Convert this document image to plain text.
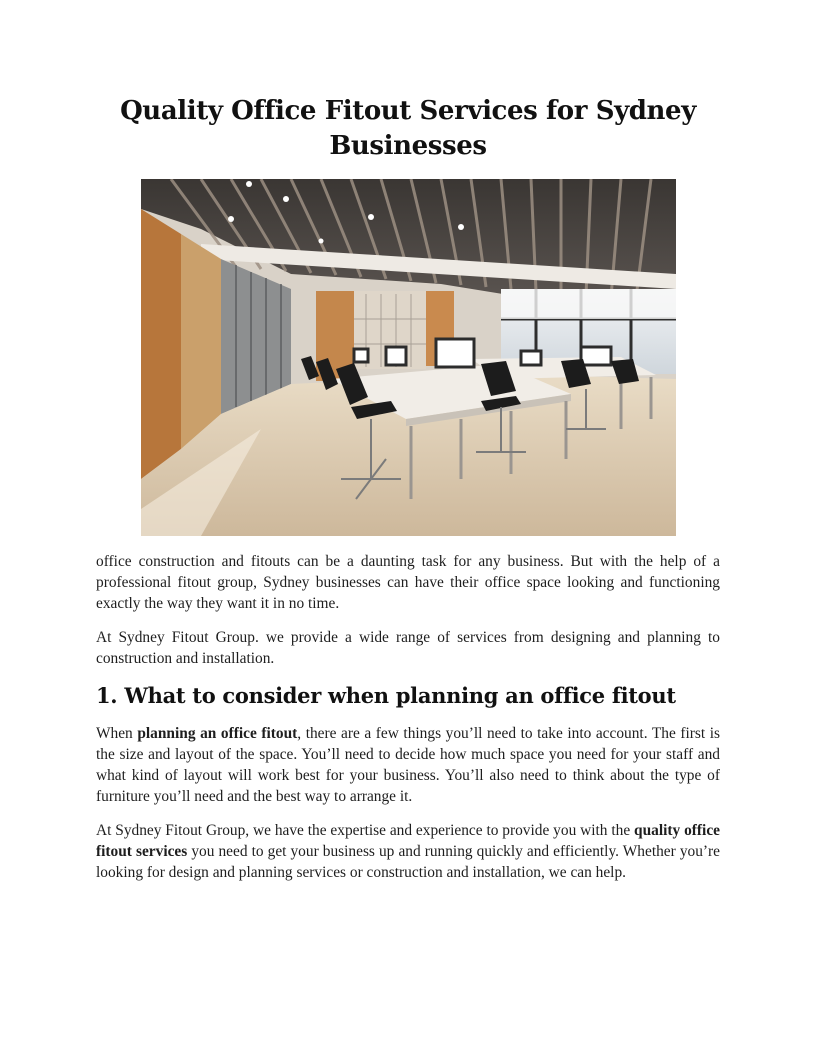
Quality Office Fitout Services for Sydney Businesses

office construction and fitouts can be a daunting task for any business. But with the help of a professional fitout group, Sydney businesses can have their office space looking and functioning exactly the way they want it in no time.

At Sydney Fitout Group. we provide a wide range of services from designing and planning to construction and installation.

1. What to consider when planning an office fitout

When planning an office fitout, there are a few things you’ll need to take into account. The first is the size and layout of the space. You’ll need to decide how much space you need for your staff and what kind of layout will work best for your business. You’ll also need to think about the type of furniture you’ll need and the best way to arrange it.

At Sydney Fitout Group, we have the expertise and experience to provide you with the quality office fitout services you need to get your business up and running quickly and efficiently. Whether you’re looking for design and planning services or construction and installation, we can help.
